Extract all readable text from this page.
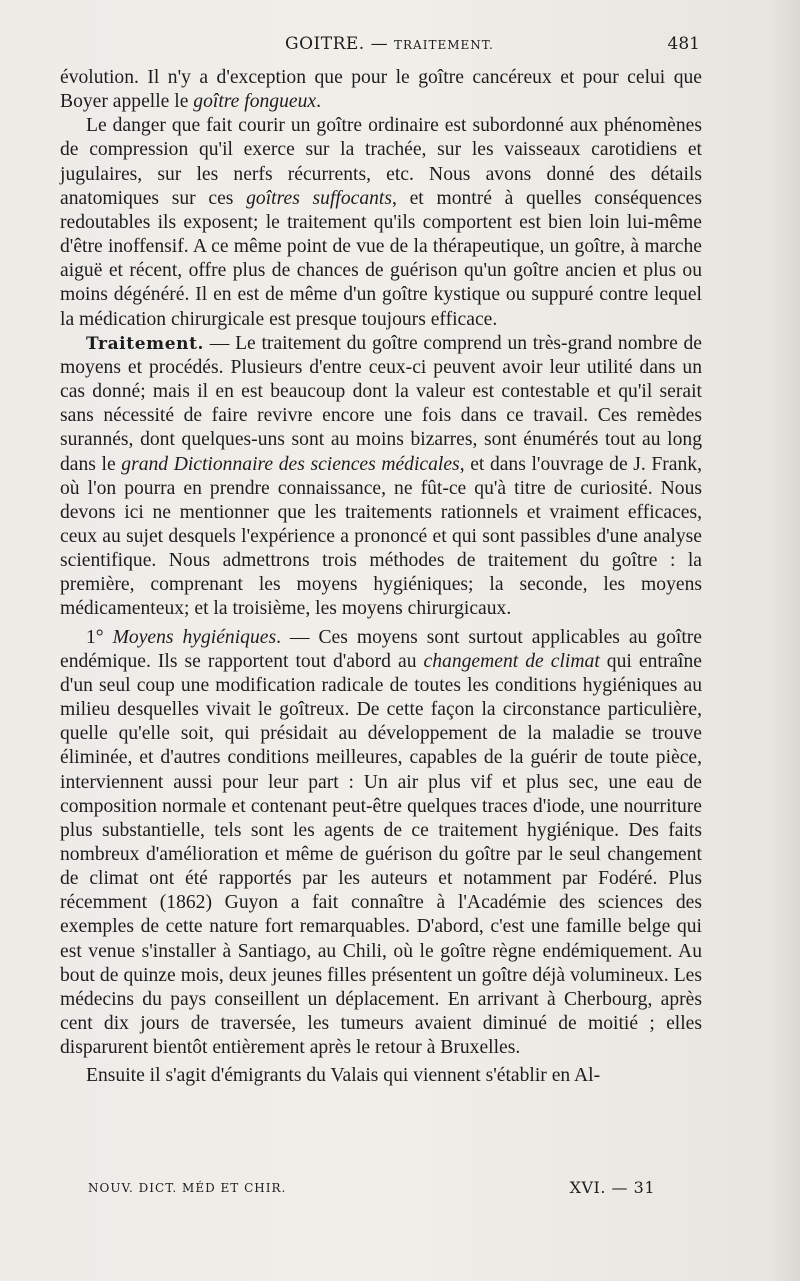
GOITRE. — TRAITEMENT.	481

évolution. Il n'y a d'exception que pour le goître cancéreux et pour celui que Boyer appelle le goître fongueux.

Le danger que fait courir un goître ordinaire est subordonné aux phénomènes de compression qu'il exerce sur la trachée, sur les vaisseaux carotidiens et jugulaires, sur les nerfs récurrents, etc. Nous avons donné des détails anatomiques sur ces goîtres suffocants, et montré à quelles conséquences redoutables ils exposent; le traitement qu'ils comportent est bien loin lui-même d'être inoffensif. A ce même point de vue de la thérapeutique, un goître, à marche aiguë et récent, offre plus de chances de guérison qu'un goître ancien et plus ou moins dégénéré. Il en est de même d'un goître kystique ou suppuré contre lequel la médication chirurgicale est presque toujours efficace.

Traitement. — Le traitement du goître comprend un très-grand nombre de moyens et procédés. Plusieurs d'entre ceux-ci peuvent avoir leur utilité dans un cas donné; mais il en est beaucoup dont la valeur est contestable et qu'il serait sans nécessité de faire revivre encore une fois dans ce travail. Ces remèdes surannés, dont quelques-uns sont au moins bizarres, sont énumérés tout au long dans le grand Dictionnaire des sciences médicales, et dans l'ouvrage de J. Frank, où l'on pourra en prendre connaissance, ne fût-ce qu'à titre de curiosité. Nous devons ici ne mentionner que les traitements rationnels et vraiment efficaces, ceux au sujet desquels l'expérience a prononcé et qui sont passibles d'une analyse scientifique. Nous admettrons trois méthodes de traitement du goître : la première, comprenant les moyens hygiéniques; la seconde, les moyens médicamenteux; et la troisième, les moyens chirurgicaux.

1° Moyens hygiéniques. — Ces moyens sont surtout applicables au goître endémique. Ils se rapportent tout d'abord au changement de climat qui entraîne d'un seul coup une modification radicale de toutes les conditions hygiéniques au milieu desquelles vivait le goîtreux. De cette façon la circonstance particulière, quelle qu'elle soit, qui présidait au développement de la maladie se trouve éliminée, et d'autres conditions meilleures, capables de la guérir de toute pièce, interviennent aussi pour leur part : Un air plus vif et plus sec, une eau de composition normale et contenant peut-être quelques traces d'iode, une nourriture plus substantielle, tels sont les agents de ce traitement hygiénique. Des faits nombreux d'amélioration et même de guérison du goître par le seul changement de climat ont été rapportés par les auteurs et notamment par Fodéré. Plus récemment (1862) Guyon a fait connaître à l'Académie des sciences des exemples de cette nature fort remarquables. D'abord, c'est une famille belge qui est venue s'installer à Santiago, au Chili, où le goître règne endémiquement. Au bout de quinze mois, deux jeunes filles présentent un goître déjà volumineux. Les médecins du pays conseillent un déplacement. En arrivant à Cherbourg, après cent dix jours de traversée, les tumeurs avaient diminué de moitié ; elles disparurent bientôt entièrement après le retour à Bruxelles.

Ensuite il s'agit d'émigrants du Valais qui viennent s'établir en Al-

NOUV. DICT. MÉD ET CHIR.	XVI. — 31
